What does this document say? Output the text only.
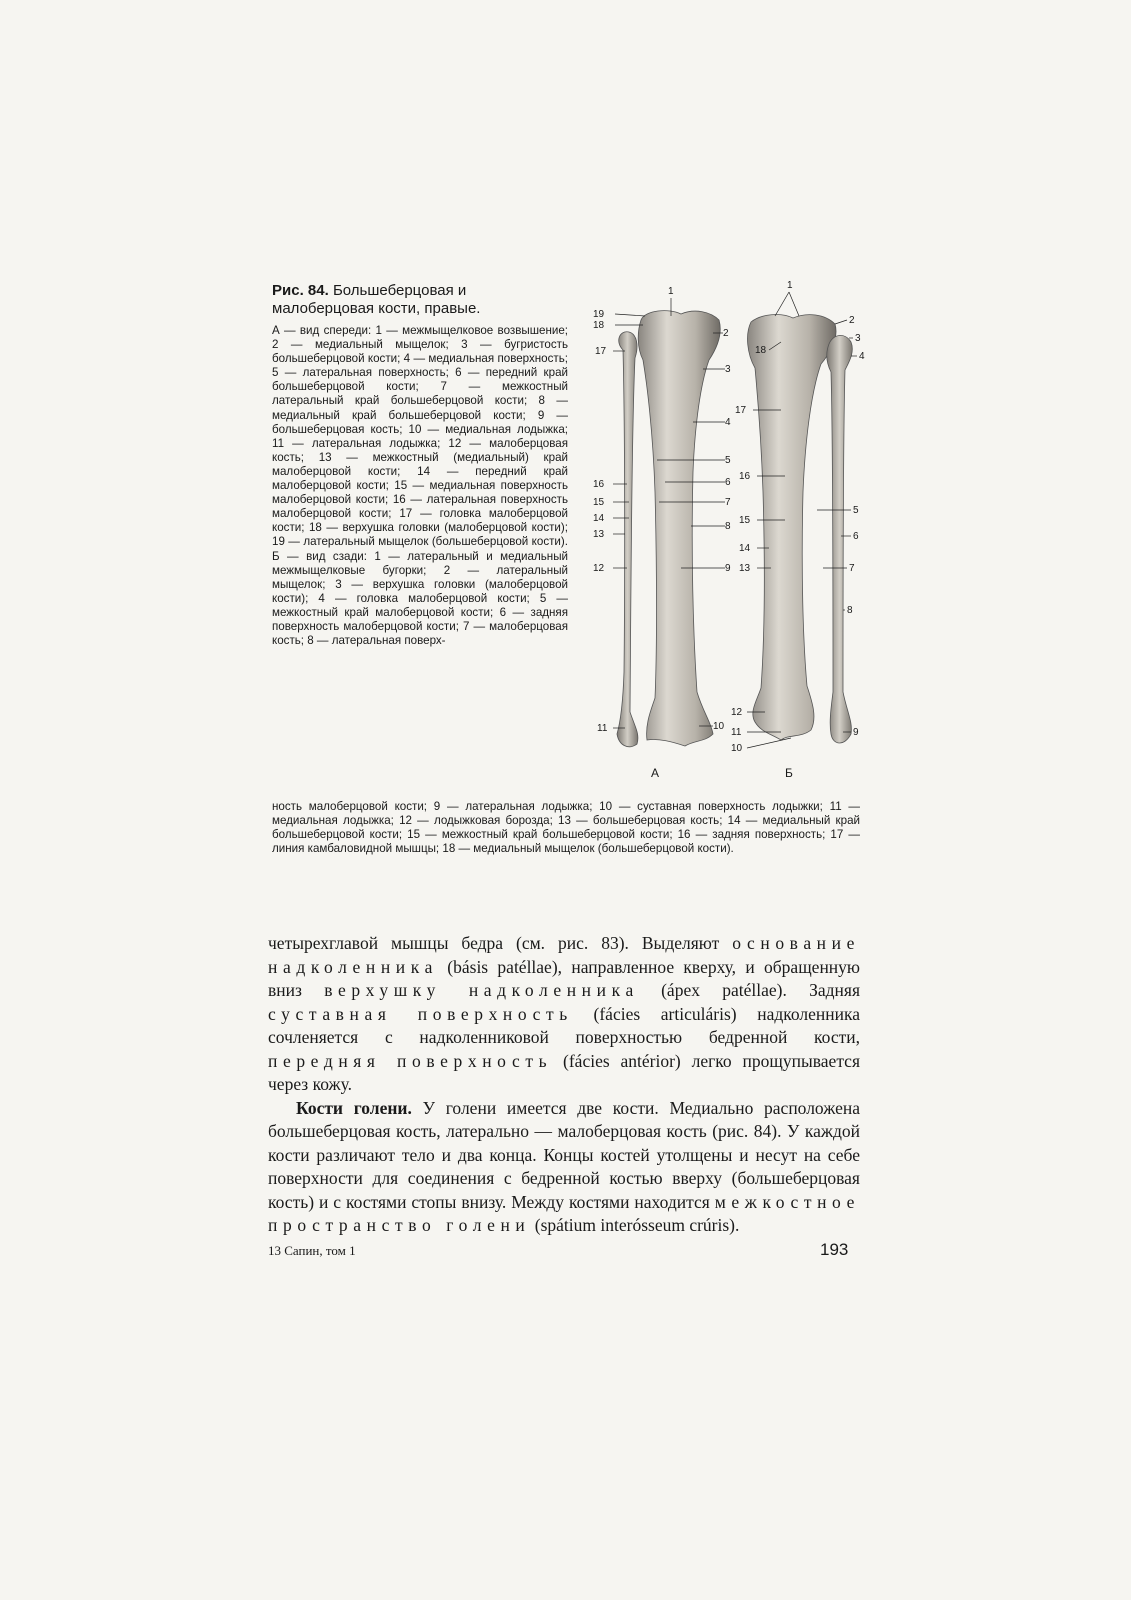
Рис. 84. Большеберцовая и малоберцовая кости, правые.

А — вид спереди: 1 — межмыщелковое возвышение; 2 — медиальный мыщелок; 3 — бугристость большеберцовой кости; 4 — медиальная поверхность; 5 — латеральная поверхность; 6 — передний край большеберцовой кости; 7 — межкостный латеральный край большеберцовой кости; 8 — медиальный край большеберцовой кости; 9 — большеберцовая кость; 10 — медиальная лодыжка; 11 — латеральная лодыжка; 12 — малоберцовая кость; 13 — межкостный (медиальный) край малоберцовой кости; 14 — передний край малоберцовой кости; 15 — медиальная поверхность малоберцовой кости; 16 — латеральная поверхность малоберцовой кости; 17 — головка малоберцовой кости; 18 — верхушка головки (малоберцовой кости); 19 — латеральный мыщелок (большеберцовой кости). Б — вид сзади: 1 — латеральный и медиальный межмыщелковые бугорки; 2 — латеральный мыщелок; 3 — верхушка головки (малоберцовой кости); 4 — головка малоберцовой кости; 5 — межкостный край малоберцовой кости; 6 — задняя поверхность малоберцовой кости; 7 — малоберцовая кость; 8 — латеральная поверх-

ность малоберцовой кости; 9 — латеральная лодыжка; 10 — суставная поверхность лодыжки; 11 — медиальная лодыжка; 12 — лодыжковая борозда; 13 — большеберцовая кость; 14 — медиальный край большеберцовой кости; 15 — межкостный край большеберцовой кости; 16 — задняя поверхность; 17 —линия камбаловидной мышцы; 18 — медиальный мыщелок (большеберцовой кости).
19
18
17
16
15
14
13
12
11
1
2
3
4
5
6
7
8
9
10
18
17
16
15
14
13
12
11
10
1
2
3
4
5
6
7
8
9
А	Б

четырехглавой мышцы бедра (см. рис. 83). Выделяют основание надколенника (básis patéllae), направленное кверху, и обращенную вниз верхушку надколенника (ápex patéllae). Задняя суставная поверхность (fácies articuláris) надколенника сочленяется с надколенниковой поверхностью бедренной кости, передняя поверхность (fácies antérior) легко прощупывается через кожу.

Кости голени. У голени имеется две кости. Медиально расположена большеберцовая кость, латерально — малоберцовая кость (рис. 84). У каждой кости различают тело и два конца. Концы костей утолщены и несут на себе поверхности для соединения с бедренной костью вверху (большеберцовая кость) и с костями стопы внизу. Между костями находится межкостное пространство голени (spátium interósseum crúris).

13 Сапин, том 1	193
